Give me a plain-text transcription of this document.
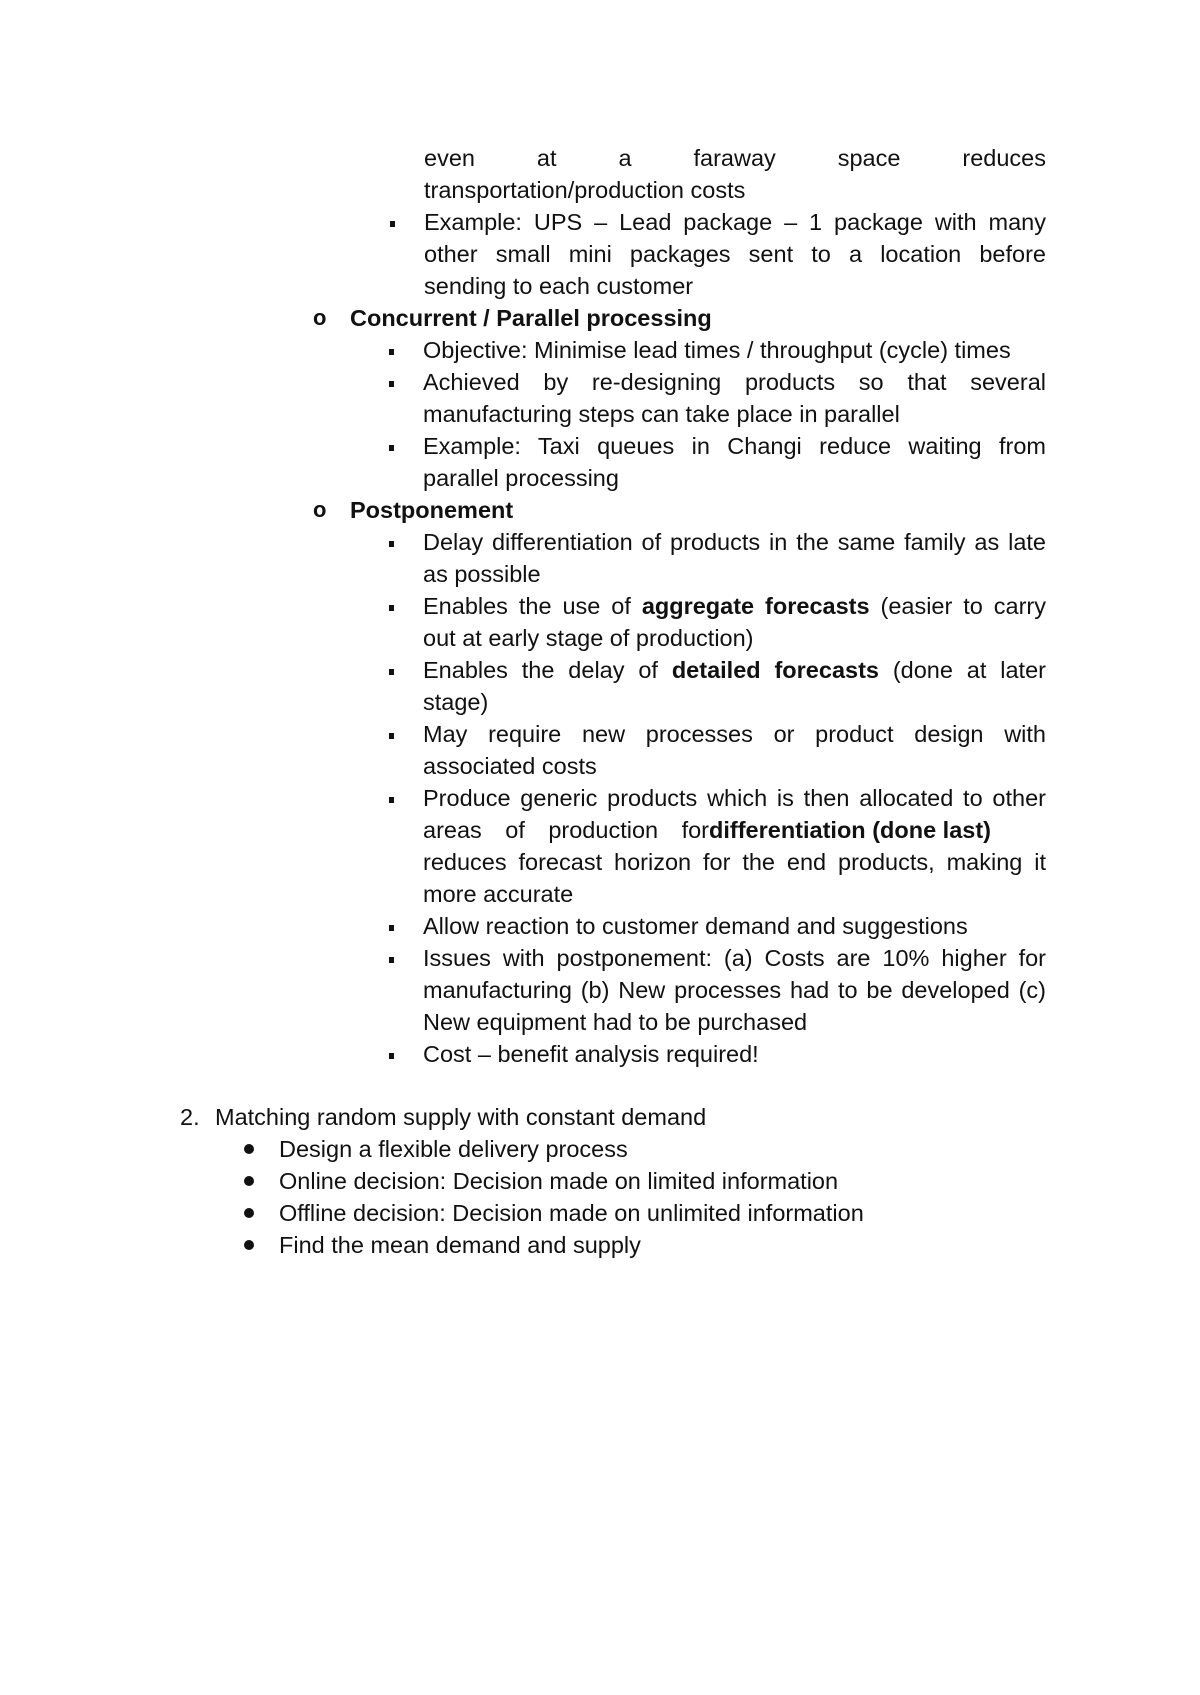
even at a faraway space reduces
transportation/production costs
Example: UPS – Lead package – 1 package with many
other small mini packages sent to a location before
sending to each customer
o Concurrent / Parallel processing
Objective: Minimise lead times / throughput (cycle) times
Achieved by re-designing products so that several
manufacturing steps can take place in parallel
Example: Taxi queues in Changi reduce waiting from
parallel processing
o Postponement
Delay differentiation of products in the same family as late
as possible
Enables the use of aggregate forecasts (easier to carry
out at early stage of production)
Enables the delay of detailed forecasts (done at later
stage)
May require new processes or product design with
associated costs
Produce generic products which is then allocated to other
areas of production fordifferentiation (done last)
reduces forecast horizon for the end products, making it
more accurate
Allow reaction to customer demand and suggestions
Issues with postponement: (a) Costs are 10% higher for
manufacturing (b) New processes had to be developed (c)
New equipment had to be purchased
Cost – benefit analysis required!
2. Matching random supply with constant demand
Design a flexible delivery process
Online decision: Decision made on limited information
Offline decision: Decision made on unlimited information
Find the mean demand and supply
